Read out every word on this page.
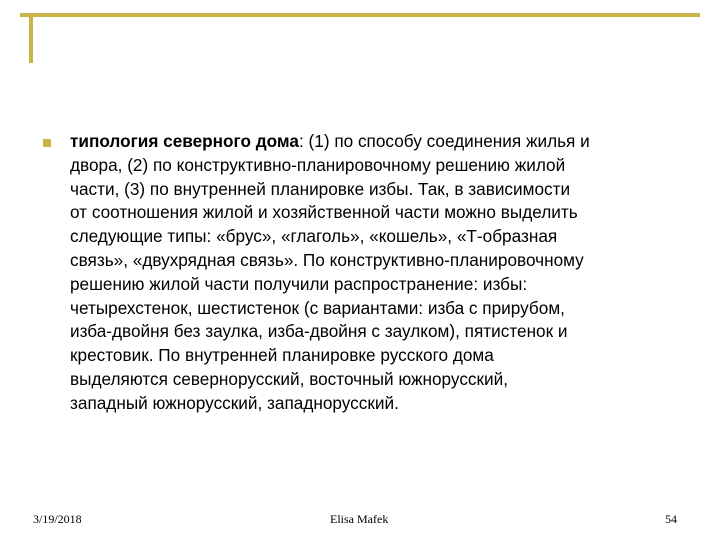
типология северного дома: (1) по способу соединения жилья и
двора, (2) по конструктивно-планировочному решению жилой
части, (3) по внутренней планировке избы. Так, в зависимости
от соотношения жилой и хозяйственной части можно выделить
следующие типы: «брус», «глаголь», «кошель», «Т-образная
связь», «двухрядная связь». По конструктивно-планировочному
решению жилой части получили распространение: избы:
четырехстенок, шестистенок (с вариантами: изба с прирубом,
изба-двойня без заулка, изба-двойня с заулком), пятистенок и
крестовик. По внутренней планировке русского дома
выделяются севернорусский, восточный южнорусский,
западный южнорусский, западнорусский.

3/19/2018	Elisa Mafek	54
